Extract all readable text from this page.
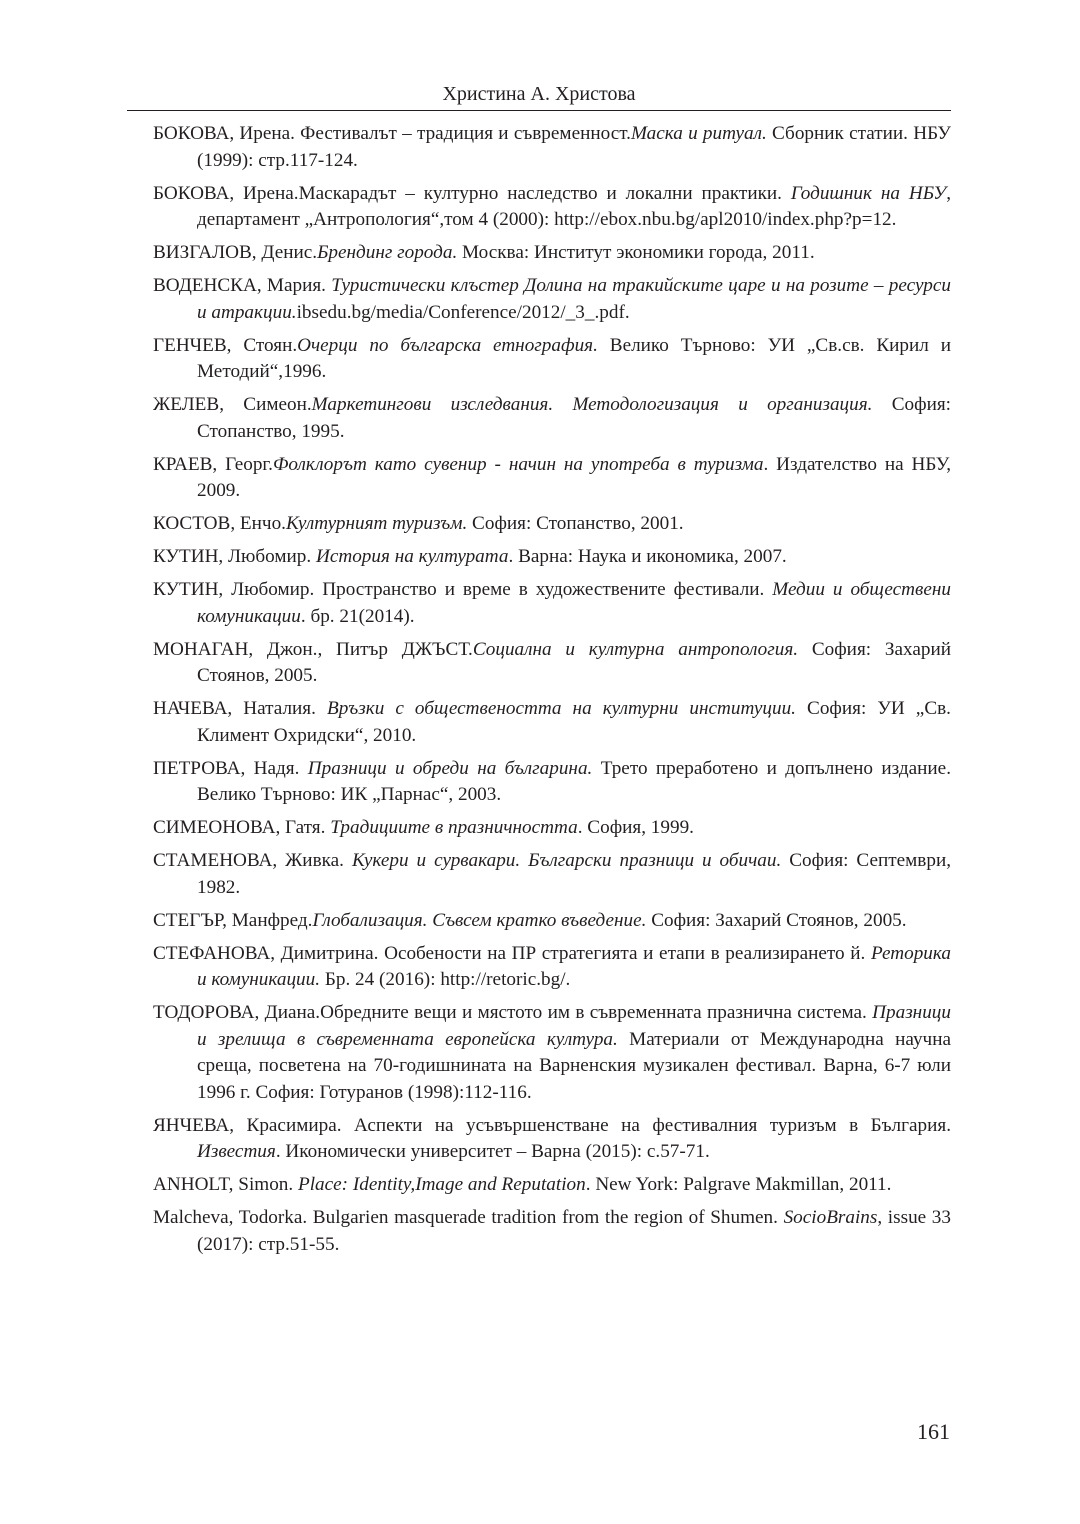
Христина А. Христова
БОКОВА, Ирена. Фестивалът – традиция и съвременност.Маска и ритуал. Сборник статии. НБУ (1999): стр.117-124.
БОКОВА, Ирена.Маскарадът – културно наследство и локални практики. Годишник на НБУ, департамент „Антропология“,том 4 (2000): http://ebox.nbu.bg/apl2010/index.php?p=12.
ВИЗГАЛОВ, Денис.Брендинг города. Москва: Институт экономики города, 2011.
ВОДЕНСКА, Мария. Туристически клъстер Долина на тракийските царе и на розите – ресурси и атракции.ibsedu.bg/media/Conference/2012/_3_.pdf.
ГЕНЧЕВ, Стоян.Очерци по българска етнография. Велико Търново: УИ „Св.св. Кирил и Методий“,1996.
ЖЕЛЕВ, Симеон.Маркетингови изследвания. Методологизация и организация. София: Стопанство, 1995.
КРАЕВ, Георг.Фолклорът като сувенир - начин на употреба в туризма. Издателство на НБУ, 2009.
КОСТОВ, Енчо.Културният туризъм. София: Стопанство, 2001.
КУТИН, Любомир. История на културата. Варна: Наука и икономика, 2007.
КУТИН, Любомир. Пространство и време в художествените фестивали. Медии и обществени комуникации. бр. 21(2014).
МОНАГАН, Джон., Питър ДЖЪСТ.Социална и културна антропология. София: Захарий Стоянов, 2005.
НАЧЕВА, Наталия. Връзки с обществеността на културни институции. София: УИ „Св. Климент Охридски“, 2010.
ПЕТРОВА, Надя. Празници и обреди на българина. Трето преработено и допълнено издание. Велико Търново: ИК „Парнас“, 2003.
СИМЕОНОВА, Гатя. Традициите в празничността. София, 1999.
СТАМЕНОВА, Живка. Кукери и сурвакари. Български празници и обичаи. София: Септември, 1982.
СТЕГЪР, Манфред.Глобализация. Съвсем кратко въведение. София: Захарий Стоянов, 2005.
СТЕФАНОВА, Димитрина. Особености на ПР стратегията и етапи в реализирането й. Реторика и комуникации. Бр. 24 (2016): http://retoric.bg/.
ТОДОРОВА, Диана.Обредните вещи и мястото им в съвременната празнична система. Празници и зрелища в съвременната европейска култура. Материали от Международна научна среща, посветена на 70-годишнината на Варненския музикален фестивал. Варна, 6-7 юли 1996 г. София: Готуранов (1998):112-116.
ЯНЧЕВА, Красимира. Аспекти на усъвършенстване на фестивалния туризъм в България. Известия. Икономически университет – Варна (2015): с.57-71.
ANHOLT, Simon. Place: Identity,Image and Reputation. New York: Palgrave Makmillan, 2011.
Malcheva, Todorka. Bulgarien masquerade tradition from the region of Shumen. SocioBrains, issue 33 (2017): стр.51-55.
161
